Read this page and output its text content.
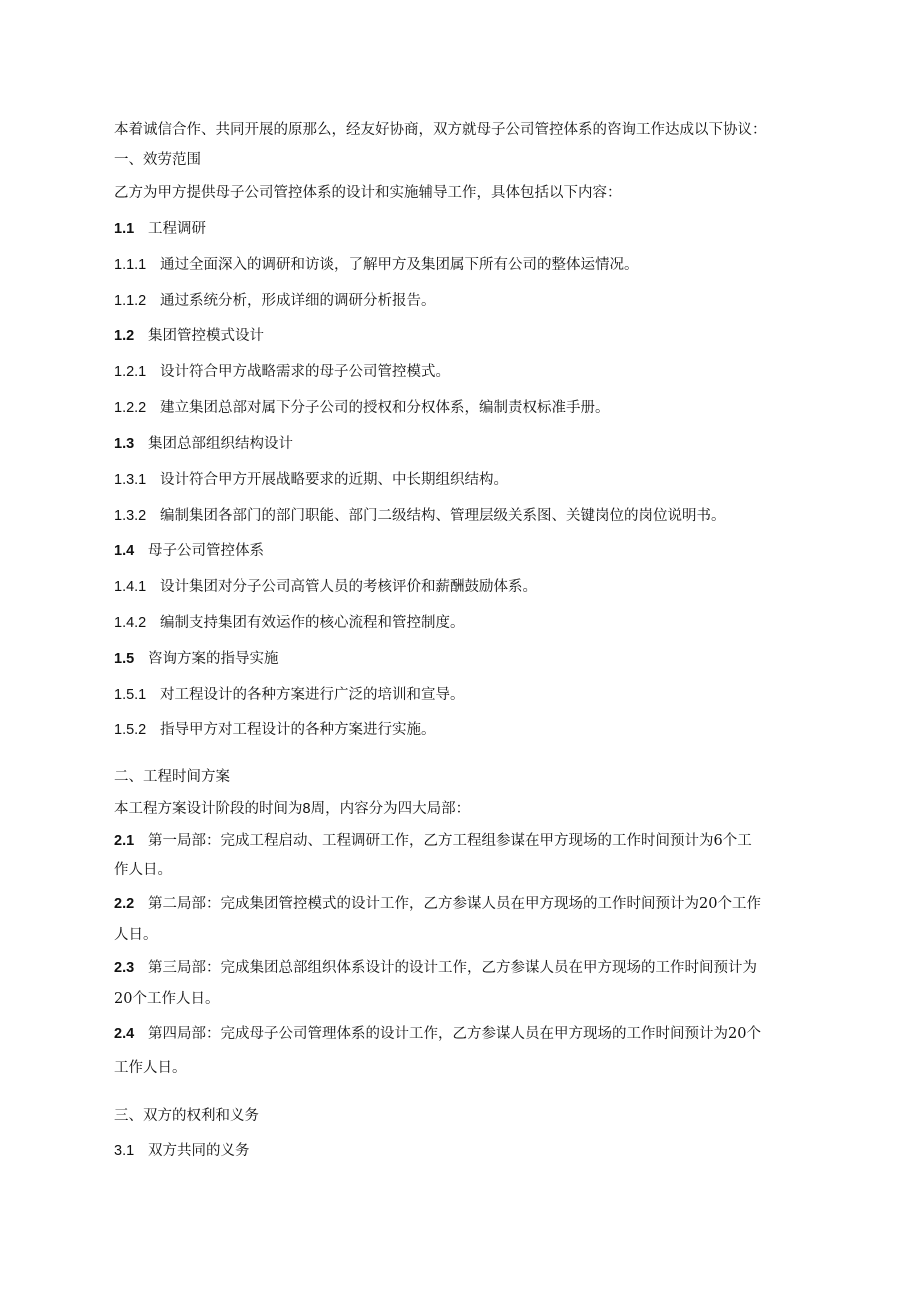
本着诚信合作、共同开展的原那么，经友好协商，双方就母子公司管控体系的咨询工作达成以下协议：
一、效劳范围
乙方为甲方提供母子公司管控体系的设计和实施辅导工作，具体包括以下内容：
1.1 工程调研
1.1.1 通过全面深入的调研和访谈，了解甲方及集团属下所有公司的整体运情况。
1.1.2 通过系统分析，形成详细的调研分析报告。
1.2 集团管控模式设计
1.2.1 设计符合甲方战略需求的母子公司管控模式。
1.2.2 建立集团总部对属下分子公司的授权和分权体系，编制责权标准手册。
1.3 集团总部组织结构设计
1.3.1 设计符合甲方开展战略要求的近期、中长期组织结构。
1.3.2 编制集团各部门的部门职能、部门二级结构、管理层级关系图、关键岗位的岗位说明书。
1.4 母子公司管控体系
1.4.1 设计集团对分子公司高管人员的考核评价和薪酬鼓励体系。
1.4.2 编制支持集团有效运作的核心流程和管控制度。
1.5 咨询方案的指导实施
1.5.1 对工程设计的各种方案进行广泛的培训和宣导。
1.5.2 指导甲方对工程设计的各种方案进行实施。
二、工程时间方案
本工程方案设计阶段的时间为8周，内容分为四大局部：
2.1 第一局部：完成工程启动、工程调研工作，乙方工程组参谋在甲方现场的工作时间预计为6个工
作人日。
2.2 第二局部：完成集团管控模式的设计工作，乙方参谋人员在甲方现场的工作时间预计为20个工作
人日。
2.3 第三局部：完成集团总部组织体系设计的设计工作，乙方参谋人员在甲方现场的工作时间预计为
20个工作人日。
2.4 第四局部：完成母子公司管理体系的设计工作，乙方参谋人员在甲方现场的工作时间预计为20个
工作人日。
三、双方的权利和义务
3.1 双方共同的义务
